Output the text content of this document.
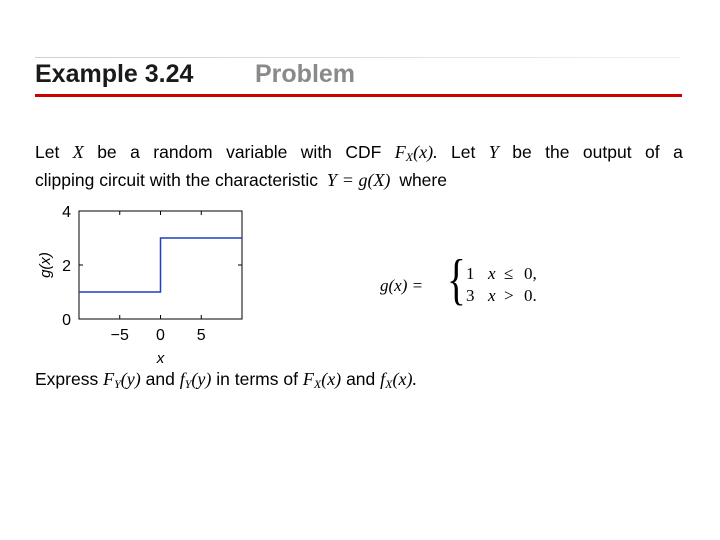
Example 3.24 Problem
Let X be a random variable with CDF $F_X(x)$. Let Y be the output of a
clipping circuit with the characteristic Y = g(X) where
−5 0 5
0
2
4
x
g(x)
g(x) = { 1 x ≤ 0,
3 x > 0.
Express $F_Y(y)$ and $f_Y(y)$ in terms of $F_X(x)$ and $f_X(x)$.
